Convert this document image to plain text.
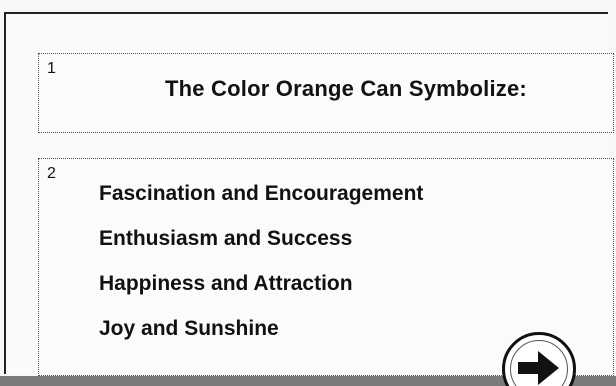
1
The Color Orange Can Symbolize:
2
Fascination and Encouragement
Enthusiasm and Success
Happiness and Attraction
Joy and Sunshine
